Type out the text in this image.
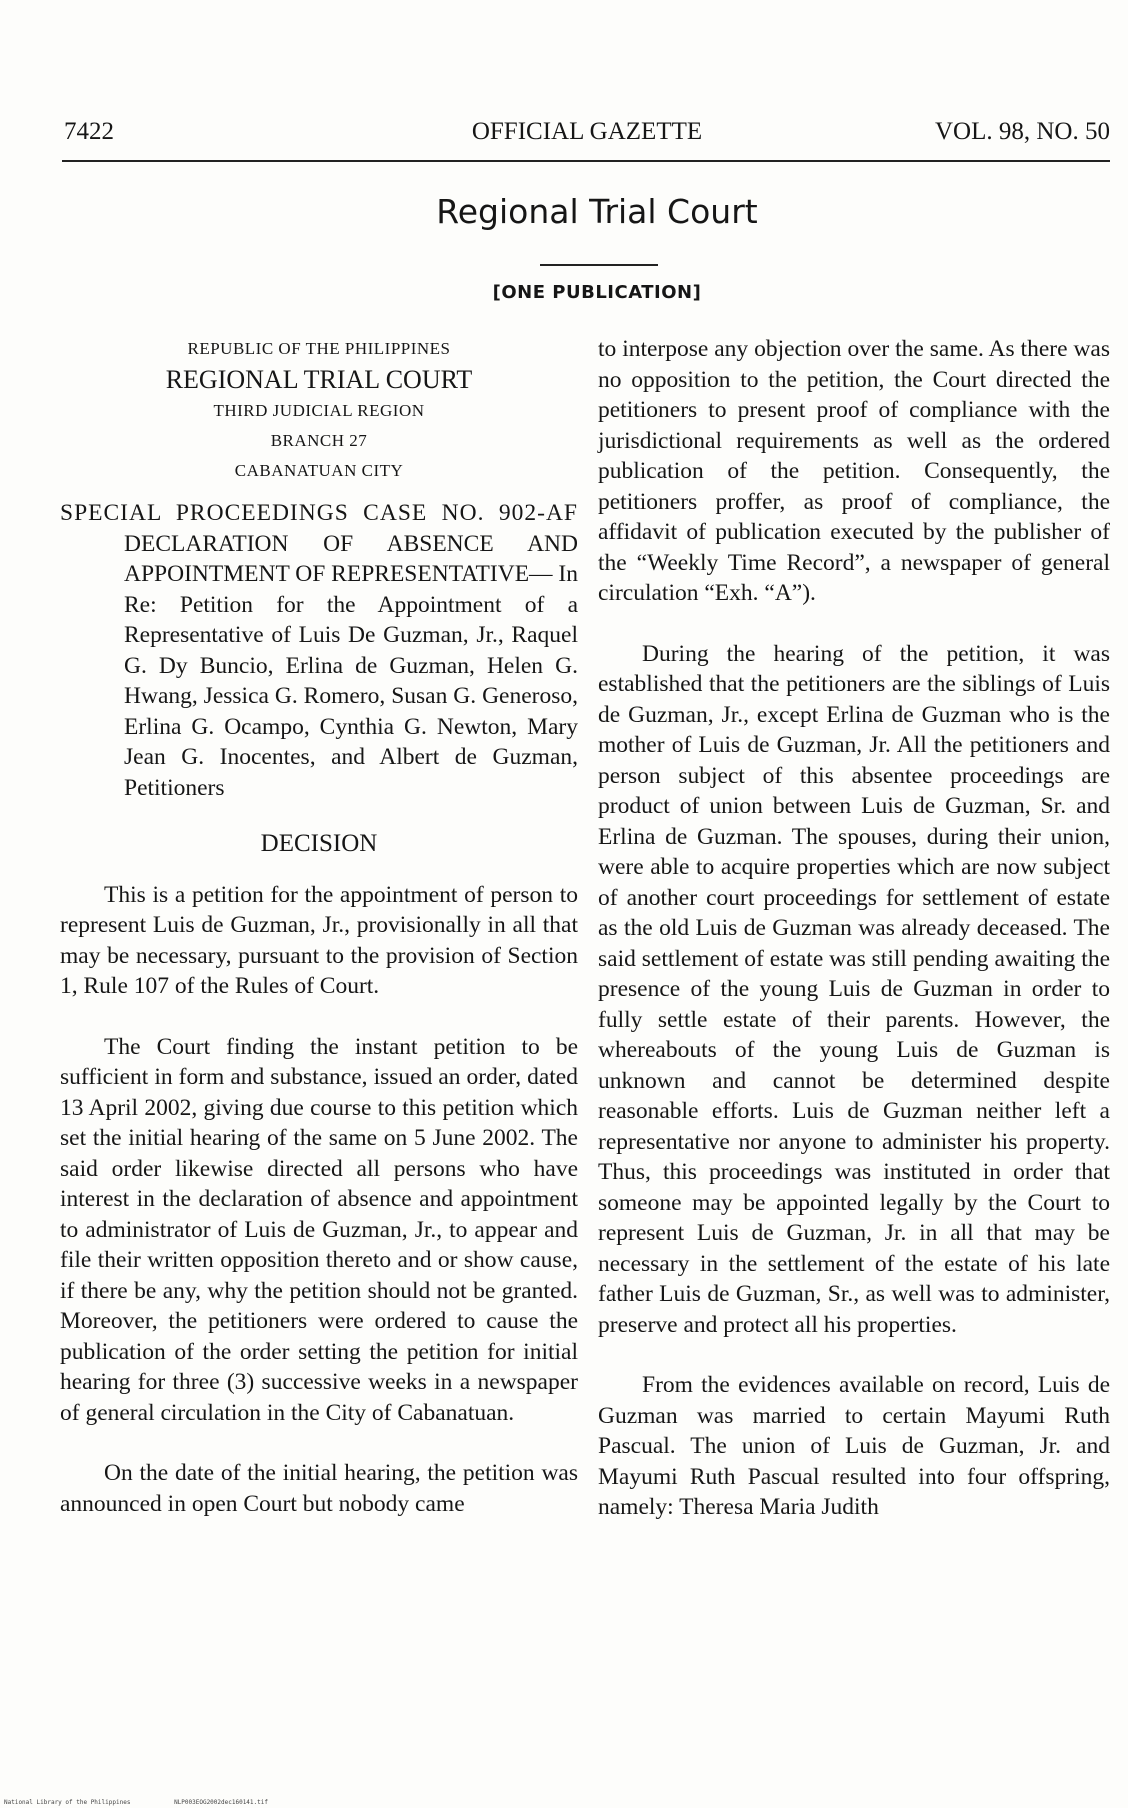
7422	OFFICIAL GAZETTE	VOL. 98, NO. 50
Regional Trial Court
[ONE PUBLICATION]
REPUBLIC OF THE PHILIPPINES
REGIONAL TRIAL COURT
THIRD JUDICIAL REGION
BRANCH 27
CABANATUAN CITY

SPECIAL PROCEEDINGS CASE NO. 902-AF

DECLARATION OF ABSENCE AND APPOINTMENT OF REPRESENTATIVE— In Re: Petition for the Appointment of a Representative of Luis De Guzman, Jr., Raquel G. Dy Buncio, Erlina de Guzman, Helen G. Hwang, Jessica G. Romero, Susan G. Generoso, Erlina G. Ocampo, Cynthia G. Newton, Mary Jean G. Inocentes, and Albert de Guzman, Petitioners

DECISION

This is a petition for the appointment of person to represent Luis de Guzman, Jr., provisionally in all that may be necessary, pursuant to the provision of Section 1, Rule 107 of the Rules of Court.

The Court finding the instant petition to be sufficient in form and substance, issued an order, dated 13 April 2002, giving due course to this petition which set the initial hearing of the same on 5 June 2002. The said order likewise directed all persons who have interest in the declaration of absence and appointment to administrator of Luis de Guzman, Jr., to appear and file their written opposition thereto and or show cause, if there be any, why the petition should not be granted. Moreover, the petitioners were ordered to cause the publication of the order setting the petition for initial hearing for three (3) successive weeks in a newspaper of general circulation in the City of Cabanatuan.

On the date of the initial hearing, the petition was announced in open Court but nobody came

to interpose any objection over the same. As there was no opposition to the petition, the Court directed the petitioners to present proof of compliance with the jurisdictional requirements as well as the ordered publication of the petition. Consequently, the petitioners proffer, as proof of compliance, the affidavit of publication executed by the publisher of the “Weekly Time Record”, a newspaper of general circulation “Exh. “A”).

During the hearing of the petition, it was established that the petitioners are the siblings of Luis de Guzman, Jr., except Erlina de Guzman who is the mother of Luis de Guzman, Jr. All the petitioners and person subject of this absentee proceedings are product of union between Luis de Guzman, Sr. and Erlina de Guzman. The spouses, during their union, were able to acquire properties which are now subject of another court proceedings for settlement of estate as the old Luis de Guzman was already deceased. The said settlement of estate was still pending awaiting the presence of the young Luis de Guzman in order to fully settle estate of their parents. However, the whereabouts of the young Luis de Guzman is unknown and cannot be determined despite reasonable efforts. Luis de Guzman neither left a representative nor anyone to administer his property. Thus, this proceedings was instituted in order that someone may be appointed legally by the Court to represent Luis de Guzman, Jr. in all that may be necessary in the settlement of the estate of his late father Luis de Guzman, Sr., as well was to administer, preserve and protect all his properties.

From the evidences available on record, Luis de Guzman was married to certain Mayumi Ruth Pascual. The union of Luis de Guzman, Jr. and Mayumi Ruth Pascual resulted into four offspring, namely: Theresa Maria Judith

National Library of the Philippines	NLP003EOG2002dec160141.tif
